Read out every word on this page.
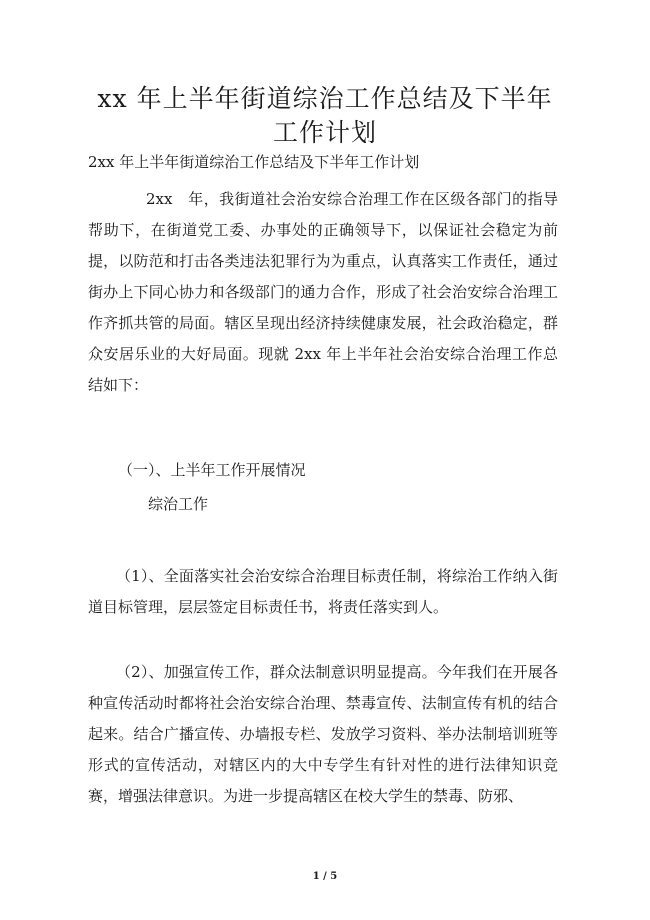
xx 年上半年街道综治工作总结及下半年工作计划
2xx 年上半年街道综治工作总结及下半年工作计划

2xx　年，我街道社会治安综合治理工作在区级各部门的指导帮助下，在街道党工委、办事处的正确领导下，以保证社会稳定为前提，以防范和打击各类违法犯罪行为为重点，认真落实工作责任，通过街办上下同心协力和各级部门的通力合作，形成了社会治安综合治理工作齐抓共管的局面。辖区呈现出经济持续健康发展，社会政治稳定，群众安居乐业的大好局面。现就 2xx 年上半年社会治安综合治理工作总结如下：

（一）、上半年工作开展情况
综治工作

（1）、全面落实社会治安综合治理目标责任制，将综治工作纳入街道目标管理，层层签定目标责任书，将责任落实到人。

（2）、加强宣传工作，群众法制意识明显提高。今年我们在开展各种宣传活动时都将社会治安综合治理、禁毒宣传、法制宣传有机的结合起来。结合广播宣传、办墙报专栏、发放学习资料、举办法制培训班等形式的宣传活动，对辖区内的大中专学生有针对性的进行法律知识竞赛，增强法律意识。为进一步提高辖区在校大学生的禁毒、防邪、

1 / 5
